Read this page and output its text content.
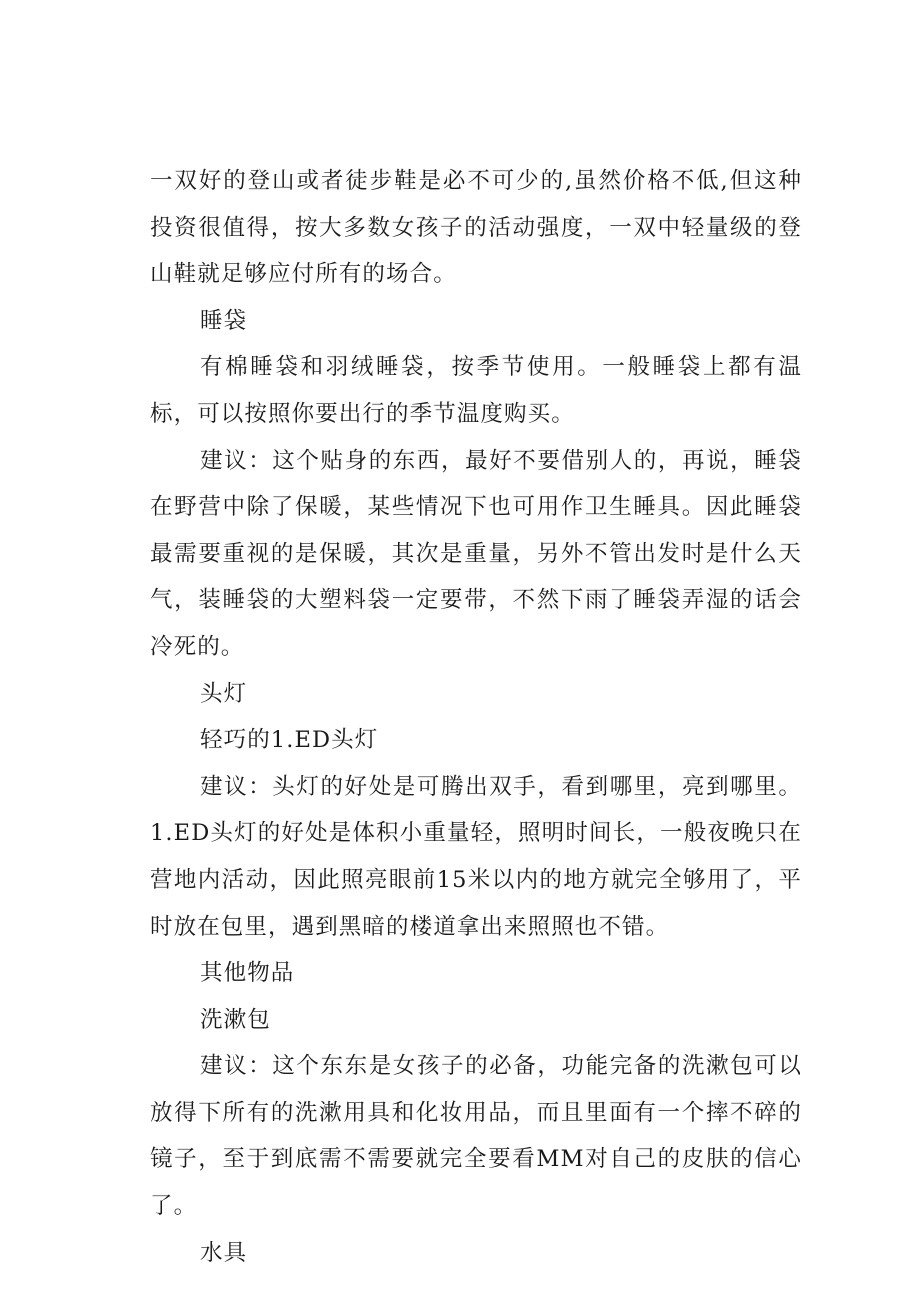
一双好的登山或者徒步鞋是必不可少的,虽然价格不低,但这种投资很值得，按大多数女孩子的活动强度，一双中轻量级的登山鞋就足够应付所有的场合。

睡袋

有棉睡袋和羽绒睡袋，按季节使用。一般睡袋上都有温标，可以按照你要出行的季节温度购买。

建议：这个贴身的东西，最好不要借别人的，再说，睡袋在野营中除了保暖，某些情况下也可用作卫生睡具。因此睡袋最需要重视的是保暖，其次是重量，另外不管出发时是什么天气，装睡袋的大塑料袋一定要带，不然下雨了睡袋弄湿的话会冷死的。

头灯

轻巧的1.ED头灯

建议：头灯的好处是可腾出双手，看到哪里，亮到哪里。1.ED头灯的好处是体积小重量轻，照明时间长，一般夜晚只在营地内活动，因此照亮眼前15米以内的地方就完全够用了，平时放在包里，遇到黑暗的楼道拿出来照照也不错。

其他物品

洗漱包

建议：这个东东是女孩子的必备，功能完备的洗漱包可以放得下所有的洗漱用具和化妆用品，而且里面有一个摔不碎的镜子，至于到底需不需要就完全要看MM对自己的皮肤的信心了。

水具
